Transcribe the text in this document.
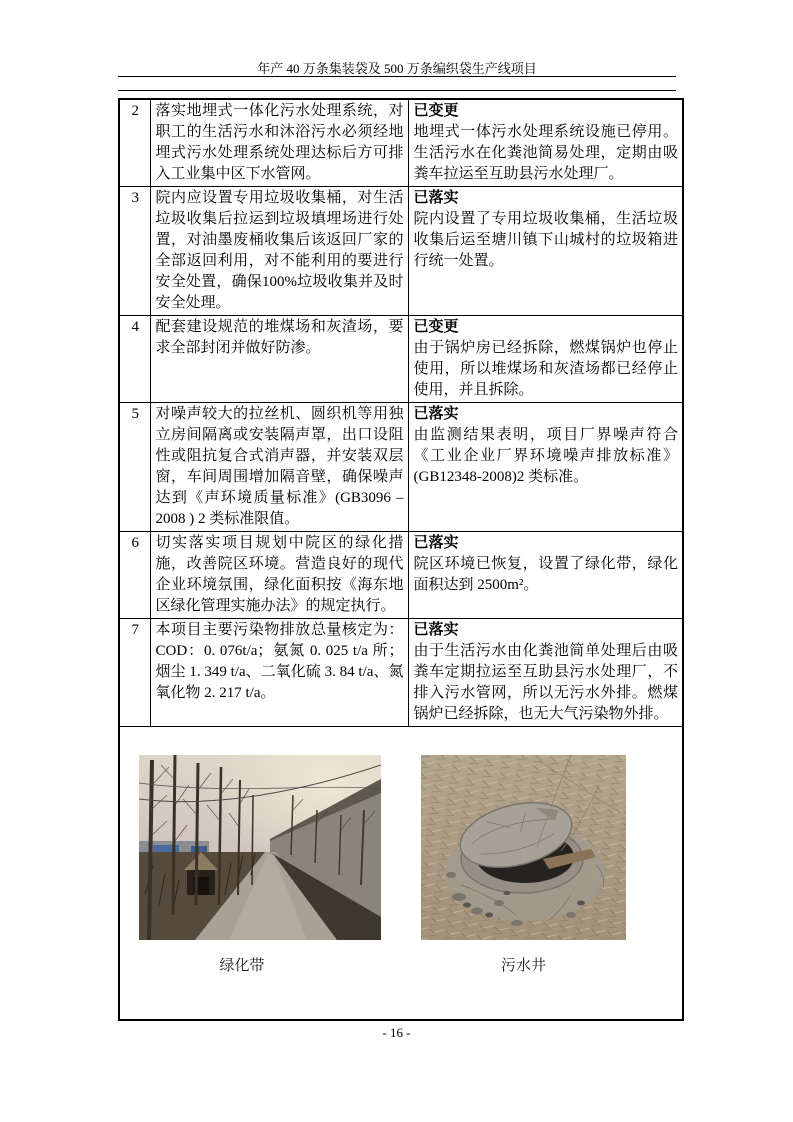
年产 40 万条集装袋及 500 万条编织袋生产线项目
2	落实地埋式一体化污水处理系统，对职工的生活污水和沐浴污水必须经地埋式污水处理系统处理达标后方可排入工业集中区下水管网。	已变更
地埋式一体污水处理系统设施已停用。生活污水在化粪池简易处理，定期由吸粪车拉运至互助县污水处理厂。

3	院内应设置专用垃圾收集桶，对生活垃圾收集后拉运到垃圾填埋场进行处置，对油墨废桶收集后该返回厂家的全部返回利用，对不能利用的要进行安全处置，确保100%垃圾收集并及时安全处理。	已落实
院内设置了专用垃圾收集桶，生活垃圾收集后运至塘川镇下山城村的垃圾箱进行统一处置。

4	配套建设规范的堆煤场和灰渣场，要求全部封闭并做好防渗。	已变更
由于锅炉房已经拆除，燃煤锅炉也停止使用，所以堆煤场和灰渣场都已经停止使用，并且拆除。

5	对噪声较大的拉丝机、圆织机等用独立房间隔离或安装隔声罩，出口设阻性或阻抗复合式消声器，并安装双层窗，车间周围增加隔音壁，确保噪声达到《声环境质量标准》(GB3096 – 2008 ) 2 类标准限值。	已落实
由监测结果表明，项目厂界噪声符合《工业企业厂界环境噪声排放标准》(GB12348-2008)2 类标准。

6	切实落实项目规划中院区的绿化措施，改善院区环境。营造良好的现代企业环境氛围，绿化面积按《海东地区绿化管理实施办法》的规定执行。	已落实
院区环境已恢复，设置了绿化带，绿化面积达到 2500m²。

7	本项目主要污染物排放总量核定为：COD：0. 076t/a；氨氮 0. 025 t/a 所；烟尘 1. 349 t/a、二氧化硫 3. 84 t/a、氮氧化物 2. 217 t/a。	已落实
由于生活污水由化粪池简单处理后由吸粪车定期拉运至互助县污水处理厂，不排入污水管网，所以无污水外排。燃煤锅炉已经拆除，也无大气污染物外排。

绿化带 污水井		
- 16 -
